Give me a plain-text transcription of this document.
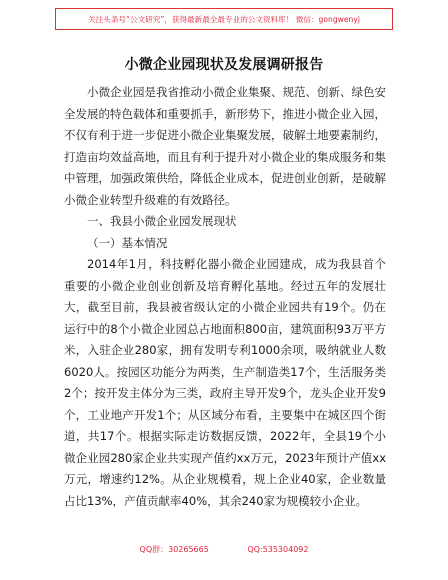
关注头条号“公文研究”，获得最新最全最专业的公文资料库！ 微信：gongwenyj
小微企业园现状及发展调研报告

小微企业园是我省推动小微企业集聚、规范、创新、绿色安全发展的特色载体和重要抓手，新形势下，推进小微企业入园，不仅有利于进一步促进小微企业集聚发展，破解土地要素制约，打造亩均效益高地，而且有利于提升对小微企业的集成服务和集中管理，加强政策供给，降低企业成本，促进创业创新，是破解小微企业转型升级难的有效路径。

一、我县小微企业园发展现状

（一）基本情况

2014年1月，科技孵化器小微企业园建成，成为我县首个重要的小微企业创业创新及培育孵化基地。经过五年的发展壮大，截至目前，我县被省级认定的小微企业园共有19个。仍在运行中的8个小微企业园总占地面积800亩，建筑面积93万平方米，入驻企业280家，拥有发明专利1000余项，吸纳就业人数6020人。按园区功能分为两类，生产制造类17个，生活服务类2个；按开发主体分为三类，政府主导开发9个，龙头企业开发9个，工业地产开发1个；从区域分布看，主要集中在城区四个街道，共17个。根据实际走访数据反馈，2022年，全县19个小微企业园280家企业共实现产值约xx万元，2023年预计产值xx万元，增速约12%。从企业规模看，规上企业40家，企业数量占比13%，产值贡献率40%，其余240家为规模较小企业。

QQ群：30265665	QQ:535304092
